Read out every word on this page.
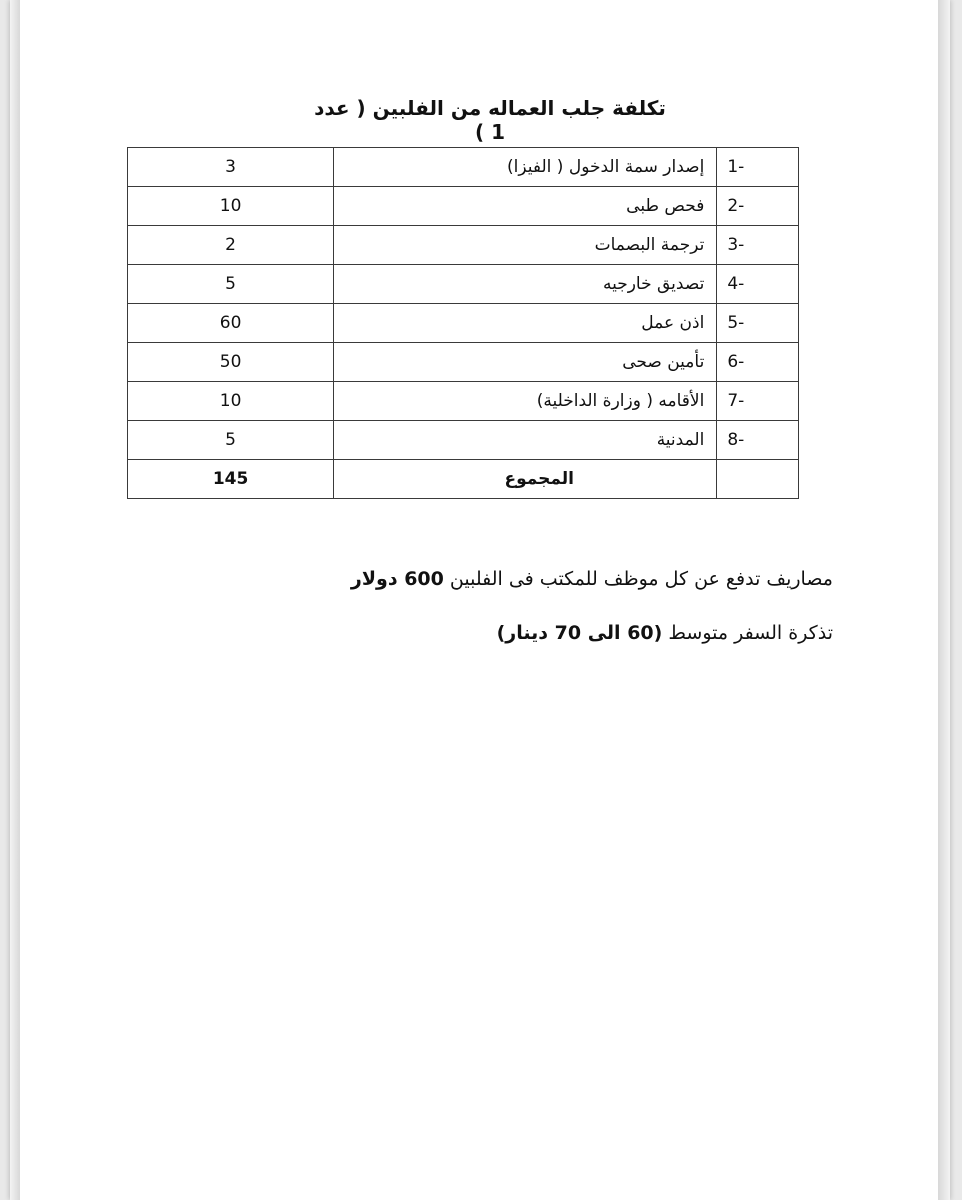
تكلفة جلب العماله من الفلبين ( عدد 1 )
1-	إصدار سمة الدخول ( الفيزا)	3
2-	فحص طبى	10
3-	ترجمة البصمات	2
4-	تصديق خارجيه	5
5-	اذن عمل	60
6-	تأمين صحى	50
7-	الأقامه ( وزارة الداخلية)	10
8-	المدنية	5
	المجموع	145
مصاريف تدفع عن كل موظف للمكتب فى الفلبين 600 دولار
تذكرة السفر متوسط (60 الى 70 دينار)
